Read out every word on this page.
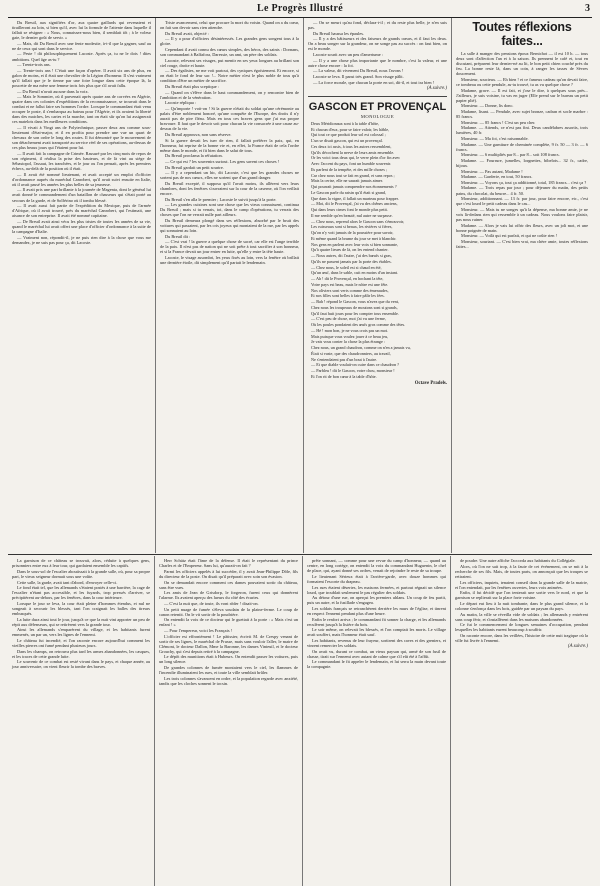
Le Progrès Illustré	3

Du Breuil, aux signifiées d'or, aux quatre gaillards qui revenaient et tirailleront au loin, si bien qu'il, avec lui la formule de l'attente dans laquelle il fallait se résigner : « Nous, connaissez-nous bien, il semblait tôt ; à le voleur gaie, le dernier goût de servir. »

— Mais, dit Du Breuil avec une fente modestie, à-t-il que la gagner, sauf au ne de ceux qui sont dans le service.

— Peste ! dit philosophiquement Lacoste. Après ça, tu ne le dois ! dites ambitions. Quel âge as-tu ?

— Trente-trois ans.

— Trente-trois ans ! C'était une façon d'opérer. Il avait six ans de plus, en galon de moins, et il était une chevalier de la Légion d'honneur. Il s'est vraiment qu'il fallait que je le tienne par une foire longue dans cette époque là, la poucette de ma mère une femme trois fois plus que s'il avait fallu.

— Du Breuil n'avait aucune dans la voix.

— Mais le Sommier, où il parvenait après quatre ans de corvées en Algérie, quatre dans ces colonies d'expéditions de la reconnaissance, se trouvait dans le combat et ne fallut faire ses hommes l'ordre. Lorsque le commandant était venu occuper le poste, il s'embarqua au bateau pour l'Algérie, et ils avaient la liberté dans des matches, les cartes et la marche, tant on était sûr qu'on lui assignerait ces matelots dans les meilleures conditions.

— Il vivait à Vingt ans de Polytechnique, passer deux ans comme sous-lieutenant d'état-major, et il en profita pour prendre une vue un quart de chevaux de son ordre le long des routes. Il fut démontré que le mouvement de son détachement avait transporté au service réel de ses opérations, au-dessus de ces plus beaux jours qui l'étaient pour lui.

— Il avait fait la campagne de Crimée. Rassuré par les cinq mois de repos de son régiment, il réalisa la prise des hauteurs, et de là vint au siège de Sébastopol, l'assaut, les tranchées, et le jour ou l'on pensait, après les premiers échecs, au-delà de la position où il était.

— Il avait été nommé lieutenant, et avait accepté un emploi d'officier d'ordonnance auprès du maréchal Canrobert, qu'il avait suivi ensuite en Italie, où il avait passé les années les plus belles de sa jeunesse.

— Il avait pris une part brillante à la journée de Magenta, dont le général lui avait donné le commandement d'un bataillon de chasseurs qui s'était porté au secours de la garde, et de Solférino où il tomba blessé.

— Il avait aussi fait partie de l'expédition du Mexique, puis de l'armée d'Afrique, où il avait trouvé, près du maréchal Canrobert, qui l'estimait, une aisance de son entreprise. Il avait été nommé capitaine.

— De Breuil avait ainsi vécu les plus tristes de toutes les années de sa vie, quand le maréchal lui avait offert une place d'officier d'ordonnance à la suite de la campagne d'Italie.

— Vraiment non, répondit-il, je ne puis rien dire à la chose que vous me demandez, je ne suis pas pour ça, dit Lacoste.

Triste avancement, celui que procure la mort du voisin. Quand on a du cœur, on fait son devoir sans rien attendre.

Du Breuil avait, objecté :

— Il y a pour d'officiers désintéressés. Les grandes gens songent tous à la gloire.

Cependant il avait connu des cœurs simples, des héros, des saints : Dornans, son commandant à Balfafora, Daressie, un ami, un père des soldats.

Lacoste, relevant ses visages, put mentir en ses yeux longues au brillant son ciel rouge, droite et haute.

— Des égalistes, ne me voit partout, des cyniques égoïstement. Et encore, si on était le fond de leur sac !... Notre métier n'est le plus noble de tous qu'à condition d'être un métier de sacrifice.

Du Breuil était plus sceptique :

— Quand on s'élève dans le haut commandement, on y rencontre bien de l'ambition et de la vénération.

Lacoste répliqua :

— Qu'importe ! voit-on ! Si la guerre n'était du soldat qu'une cérémonie au palais d'être noblement honoré, qu'une conquête de l'Europe, des droits il n'y aurait pas de pire fléau. Mais en tous ces braves gens que j'ai ma propre bravoure. Il faut que le devoir soit pour chacun la vie consacrée à une cause au-dessus de la vie.

Du Breuil approuva, non sans réserve.

Si la guerre devait les tuer de rien, il fallait préférer la paix, qui, en l'honneur, fut reprise de la bonne vie et, en effet, la France était de cela l'ordre même dans le monde, et fit bien dans le salut de tous.

Du Breuil proclama la réfutation.

— Ce qui est ? les souvenirs surtout. Les gens savent ces choses !

Du Breuil gardait un petit sourire.

— Il y a cependant un hic, dit Lacoste, c'est que les grandes choses ne sortent pas de nos cœurs, elles ne sortent que d'un grand danger.

Du Breuil excepté, il supposa qu'il l'avait moins, ils allèrent vers leurs chambres, dont les fenêtres s'ouvraient sur la cour de la caserne, où l'on veillait encore.

Du Breuil s'en alla le premier ; Lacoste le suivit jusqu'à la porte.

— Les grandes cuisines sont une chose que les vieux connaissent, continua Du Breuil ; mais si tu venais, toi, dans le camp d'opérations, tu verrais des choses que l'on ne verrait nulle part ailleurs.

Du Breuil demeura plongé dans ses réflexions, absorbé par le bruit des voitures qui passaient, par les cris joyeux qui montaient de la rue, par les appels qui sonnaient au loin.

Du Breuil dit :

— C'est vrai ! la guerre a quelque chose de sacré, car elle est l'ange terrible de la paix. Il n'est pas de nation qui ne soit prête à tout sacrifier à son honneur, et si la France devait un jour entrer en lutte, qu'elle y entre la tête haute.

Lacoste, le visage assombri, les yeux fixés au loin, vers la fenêtre où brillait une dernière étoile, dit simplement qu'il partait le lendemain.

— On se meurt qu'au fond, déclara-t-il ; et du reste plus belle, je n'en suis pas.

Du Breuil haussa les épaules.

— Il y a des bâtisseurs et des faiseurs de grands cœurs, et il faut les deux. On a beau songer sur la grandeur, on ne songe pas au succès : on faut bien, on est le monde.

Lacoste sourit avec un peu d'amertume :

— Il y a une chose plus importante que le nombre, c'est la valeur, et une autre chose encore : la foi.

— La valeur, dit vivement Du Breuil, nous l'avons !

Lacoste se leva. Il parut très grand. Son visage pâlit.

— La force morale, que chacun la porte en soi, dit-il, et tout ira bien !

(A suivre.)
GASCON ET PROVENÇAL
MONOLOGUE

Deux Méridionaux sont à la table d'hôte,

Et chacun d'eux, pour se faire valoir, les hâble,

Qui tout ce que produit leur sol est colossal ;

L'un se disait gascon, qui est un provençal.

Ces deux ici assis, à tous les autres ressemblent,

Qu'ils décochent la nerve de leurs amis ensemble.

Or les voici tous deux qui, le verre plein d'or fin avec

Avec l'accent du pays, font un humble souvenir.

Ils parlent de la tempête, et des mille choses ;

Car chez nous tout se fait en grand, et sans repos ;

Mais la cerise, elle ne saurait jamais aimer.

Qui pourrait jamais comprendre nos étonnements ?

Le Gascon parle du raisin qu'il était si grand,

Que dans la vigne, il fallait un marteau pour frapper.

— Moi, dit le Provençal, j'ai vu des chênes anciens,

Qui dans leurs cimes font le monde plus petit.

Il me semble qu'en beauté, nul autre ne surpasse.

— Chez nous, reprend alors le Gascon sans s'émouvoir,

Les ruisseaux sont si beaux, les rivières si fières,

Qu'on n'y voit jamais de la poussière pour savoir,

Et même quand la brume du jour se met à blanchir.

Nos gens en parlent avec leur voix si bien sonnante,

Qu'à quatre lieues de là, on les entend chanter.

— Nous autres, dit l'autre, j'ai des bœufs si gras,

Qu'ils ne passent jamais par la porte des étables.

— Chez nous, le soleil est si chaud en été,

Qu'un œuf, dans le sable, cuit en moins d'un instant.

— Ah ! dit le Provençal, en hochant la tête,

Votre pays est beau, mais le nôtre est une fête.

Nos oliviers sont verts comme des émeraudes,

Et nos filles sont belles à faire pâlir les fées.

— Bah ! répond le Gascon, vous n'avez que du vent,

Chez nous les troupeaux de moutons sont si grands,

Qu'il faut huit jours pour les compter tous ensemble.

— C'est peu de chose, moi j'ai vu une ferme,

Où les poules pondaient des œufs gros comme des têtes.

— Hé ! mon bon, je ne vous crois pas un mot.

Mais puisque vous voulez jouer à ce beau jeu,

Je vais vous conter la chose la plus étrange :

Chez nous, un grand chaudron, comme on n'en a jamais vu,

Était si vaste, que des chaudronniers, au travail,

Ne s'entendaient pas d'un bout à l'autre.

— Et que diable voulait-on cuire dans ce chaudron ?

— Parbleu ! dit le Gascon, votre chou, monsieur !

Et l'on rit de bon cœur à la table d'hôte.

Octave Pradels.
Toutes réflexions faites...

La salle à manger des pensions époux Bernichot — il est 10 h. — tous deux sont d'affection l'an et à la saison. Ils prennent le café et, tout en discutant, préparent leur dernier-né au lit, le bon petit chien couché près du feu. La bonne reste là, dans un coin, à ranger les tasses de Sèvres doucement.

Monsieur, soucieux. — Eh bien ! et ce fameux cadeau qu'on devait faire, ce tombeau ou cette pendule, as-tu trouvé, tu as vu quelque chose ?

Madame, grave. — Il est fait, et j'ose le dire, à quelques sous près... J'ailleurs, je suis voisine, tu vas en juger (Elle prend sur le bureau un petit papier plié).

Monsieur. — Donne, lis donc.

Madame, lisant. — Pendule, avec sujet bronze, cadran et socle marbre : 85 francs.

Monsieur. — 85 francs ! C'est un peu cher.

Madame. — Attends, ce n'est pas fini. Deux candélabres assortis, trois lumières, 40 fr.

Monsieur. — Ma foi, c'est raisonnable.

Madame. — Une garniture de cheminée complète, 9 fr. 50 — 3 fr. — 6 francs.

Monsieur. — 6 multipliés par 8... par 8... soit 108 francs.

Madame. — Fourrure, jumelles, lorgnettes, bibelots... 32 fr., cadre, bijoux.

Monsieur. — Pas autant, Madame !

Madame. — Garderie, en tout, 50 francs.

Monsieur. — Voyons ça, tout ça additionné, total, 185 francs... c'est ça ?

Madame. — Trois repas par jour ; pour déjeuner du matin, des petits pains, du chocolat, du beurre... 4 fr. 50.

Monsieur, additionnant. — 13 fr. par jour, pour faire encore, etc., c'est que c'est lourd le petit cadeau dans le cas...

Monsieur. — Mais tu ne songes qu'à la dépense, ma bonne amie, je ne vois là-dedans rien qui ressemble à un cadeau. Nous voulons faire plaisir, pas nous ruiner.

Madame. — Alors je vais lui offrir des fleurs, avec un joli mot, et une bonne poignée de main.

Monsieur. — Voilà qui est parfait, et qui ne coûte rien !

Monsieur, souriant. — C'est bien vrai, ma chère amie, toutes réflexions faites...

La garnison de ce château se trouvait, alors, réduite à quelques gens, prisonniers entre eux à leur tour, qui gardaient ensemble les captifs.

Dans le sous-sol de l'escalier aboutissait à la grande salle, où, pour sa propre part, le vieux seigneur dormait sous une voûte.

Cette salle, la garde, avait tant d'abord, d'envoyer celle-ci.

Le fond était tel, que les allemands s'étaient postés à une barrière, la cage de l'escalier n'étant pas accessible, et les fuyards, trop pressés d'arriver, se précipitèrent au-dehors, par les fenêtres, dans la cour intérieure.

Lorsque le jour se leva, la cour était pleine d'hommes étendus, et nul ne songeait à secourir les blessés, tant l'on craignait les balles des tireurs embusqués.

La lutte dura ainsi tout le jour, jusqu'à ce que la nuit vint apporter un peu de répit aux défenseurs, qui se retirèrent vers la grande tour.

Ainsi les allemands s'emparèrent du village, et les habitants furent emmenés, un par un, vers les lignes de l'ennemi.

Le château fut incendié, et l'on raconte encore aujourd'hui comment les vieilles pierres ont fumé pendant plusieurs jours.

Dans les champs, on retrouva plus tard les armes abandonnées, les casques, et les traces de cette grande lutte.

Le souvenir de ce combat est resté vivant dans le pays, et chaque année, au jour anniversaire, on vient fleurir la tombe des braves.

Herr Schütz était l'âme de la défense. Il était le représentant du prince Charles et de l'Empereur. Sans lui, qu'aurait-on fait ?

Parmi les officiers appelés à lui succéder, il y avait Jean-Philippe Dôle, fils du directeur de la poste. On disait qu'il préparait avec soin son évasion.

On se demandait encore comment ces dames pouvaient sortir du château, sans être vues.

Les amis de Jean de Grisdorp, le forgeron, furent ceux qui donnèrent l'alarme. Ils avaient aperçu des lueurs du côté des écuries.

— C'est la nuit que, de toute, ils vont rôder ! disait-on.

Un petit nuage de fumée s'éleva soudain de la plaine-ferme. Le coup de canon retentit. On le vit sortir de la poudrière.

On entendit la voix de ce docteur qui le guettait à la porte : « Mais c'est un enfant ! »

— Pour l'empereur, voici les Français !

L'officier est effrontément ! Le pâtissier, écrivit M. de Crespy venant de sortir de ses lignes, le maréchal de Prusse, mais sans vouloir l'aller, le maire de Clémont, le docteur Dallon, Mme la Baronne, les dames Vinteuil, et le docteur Grouchy, qui s'est depuis retiré à la campagne.

Le dépôt des munitions était à Hubeurs. On entendit passer les voitures, puis un long silence.

De grandes colonnes de fumée montaient vers le ciel, les flammes de l'incendie illuminaient les rues, et toute la ville semblait brûler.

Les trois colonnes s'avancent en ordre, et la population regarde avec anxiété, tandis que les cloches sonnent le tocsin.

prête sonnant, — comme pour une revue du camp d'honneur, — quand au centre, en long cortège, on entendit la voix du commandant Huguenin, le chef de place, qui, ayant donné ses ordres, venait de rejoindre le reste de sa troupe.

Le lieutenant Sérieux était à l'arrière-garde, avec douze hommes qui formaient l'escorte du drapeau.

Les rues étaient désertes, les maisons fermées, et partout régnait un silence lourd, que troublait seulement le pas régulier des soldats.

Au détour d'une rue, on aperçut les premiers uhlans. Un coup de feu partit, puis un autre, et la fusillade s'engagea.

Les soldats français se retranchèrent derrière les murs de l'église, et tinrent en respect l'ennemi pendant plus d'une heure.

Enfin le renfort arriva ; le commandant fit sonner la charge, et les allemands reculèrent jusqu'à la lisière du bois.

Le soir même, on relevait les blessés, et l'on comptait les morts. Le village avait souffert, mais l'honneur était sauf.

Les habitants, revenus de leur frayeur, sortirent des caves et des greniers, et vinrent remercier les soldats.

On avait vu, durant ce combat, un vieux paysan qui, armé de son fusil de chasse, tirait sur l'ennemi avec autant de calme que s'il eût été à l'affût.

Le commandant le fit appeler le lendemain, et lui serra la main devant toute la compagnie.

de poudre. Une autre affiche l'accorda aux habitants du Collégiale.

Alors, où l'on ne sait trop, à la faute de cet événement, on se mit à la recherche de ses fils. Mais, de toutes parts, on annonçait que les troupes se retiraient.

Les officiers, inquiets, tenaient conseil dans la grande salle de la mairie, et l'on entendait, par les fenêtres ouvertes, leurs voix animées.

Enfin, il fut décidé que l'on tenterait une sortie vers le nord, et que la garnison se replierait sur la place forte voisine.

Le départ eut lieu à la nuit tombante, dans le plus grand silence, et la colonne s'enfonça dans les bois, guidée par un paysan du pays.

Au matin, la ville se réveilla vide de soldats ; les allemands y entrèrent sans coup férir, et s'installèrent dans les maisons abandonnées.

Ce fut le commencement de longues semaines d'occupation, pendant lesquelles les habitants eurent beaucoup à souffrir.

On raconte encore, dans les veillées, l'histoire de cette nuit tragique où la ville fut livrée à l'ennemi.

(A suivre.)
